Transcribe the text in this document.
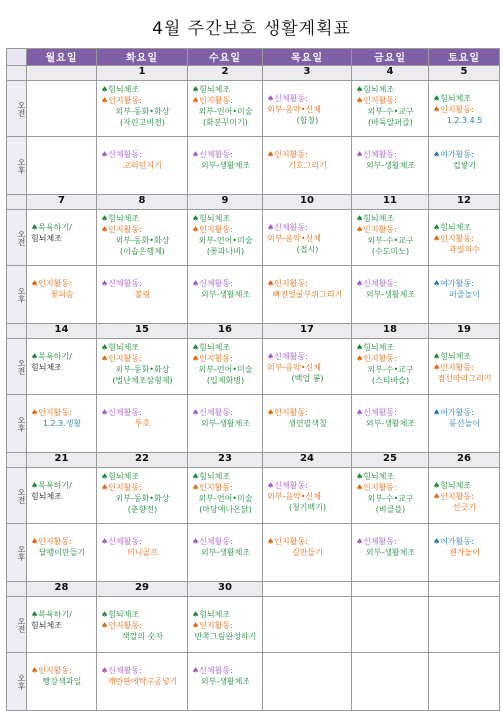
4월 주간보호 생활계획표
	월요일	화요일	수요일	목요일	금요일	토요일
		1	2	3	4	5
오전		♠힘뇌체조
♠인지활동:
외부-동화•화상
(자린고비전)	♠힘뇌체조
♠인지활동:
외부-언어•미술
(화분꾸미기)	♠신체활동:
외부-음악•신체
(합창)	♠힘뇌체조
♠인지활동:
외부-수•교구
(바둑알퍼즐)	♠힘뇌체조
♠인지활동:
1.2.3.4.5

오후		♠신체활동:
고리던지기	♠신체활동:
외부-생활체조	♠인지활동:
기호그리기	♠신체활동:
외부-생활체조	♠여가활동:
컵쌓기

	7	8	9	10	11	12
오전	♠목욕하기/
힘뇌체조	♠힘뇌체조
♠인지활동:
외부-동화•화상
(이솝은행제)	♠힘뇌체조
♠인지활동:
외부-언어•미술
(꽃과나비)	♠신체활동:
외부-음악•신체
(접시)	♠힘뇌체조
♠인지활동:
외부-수•교구
(수도미노)	♠힘뇌체조
♠인지활동:
과일의수

오후	♠인지활동:
꽃피슴	♠신체활동:
볼링	♠신체활동:
외부-생활체조	♠인지활동:
빠진얼굴부위그리기	♠신체활동:
외부-생활체조	♠여가활동:
퍼즐놀이

	14	15	16	17	18	19
오전	♠목욕하기/
힘뇌체조	♠힘뇌체조
♠인지활동:
외부-동화•화상
(벌난체조삼형제)	♠힘뇌체조
♠인지활동:
외부-언어•미술
(입체화병)	♠신체활동:
외부-음악•신체
(백업 봉)	♠힘뇌체조
♠인지활동:
외부-수•교구
(스티바슬)	♠힘뇌체조
♠인지활동:
점선따라그리기

오후	♠인지활동:
1.2.3.생활	♠신체활동:
투호	♠신체활동:
외부-생활체조	♠인지활동:
생연필색칠	♠신체활동:
외부-생활체조	♠여가활동:
풍선놀이

	21	22	23	24	25	26
오전	♠목욕하기/
힘뇌체조	♠힘뇌체조
♠인지활동:
외부-동화•화상
(춘향전)	♠힘뇌체조
♠인지활동:
외부-언어•미술
(마당에나온닭)	♠신체활동:
외부-음악•신체
(청기백기)	♠힘뇌체조
♠인지활동:
외부-수•교구
(벼클블)	♠힘뇌체조
♠인지활동:
선긋기

오후	♠인지활동:
달팽이만들기	♠신체활동:
미니골프	♠신체활동:
외부-생활체조	♠인지활동:
길만들기	♠신체활동:
외부-생활체조	♠여가활동:
젠가놀이

	28	29	30			
오전	♠목욕하기/
힘뇌체조	♠힘뇌체조
♠인지활동:
색깔의 숫자	♠힘뇌체조
♠인지활동:
반쪽그림완성하기			

오후	♠인지활동:
빵강색과일	♠신체활동:
계란판에탁구공넣기	♠신체활동:
외부-생활체조			
